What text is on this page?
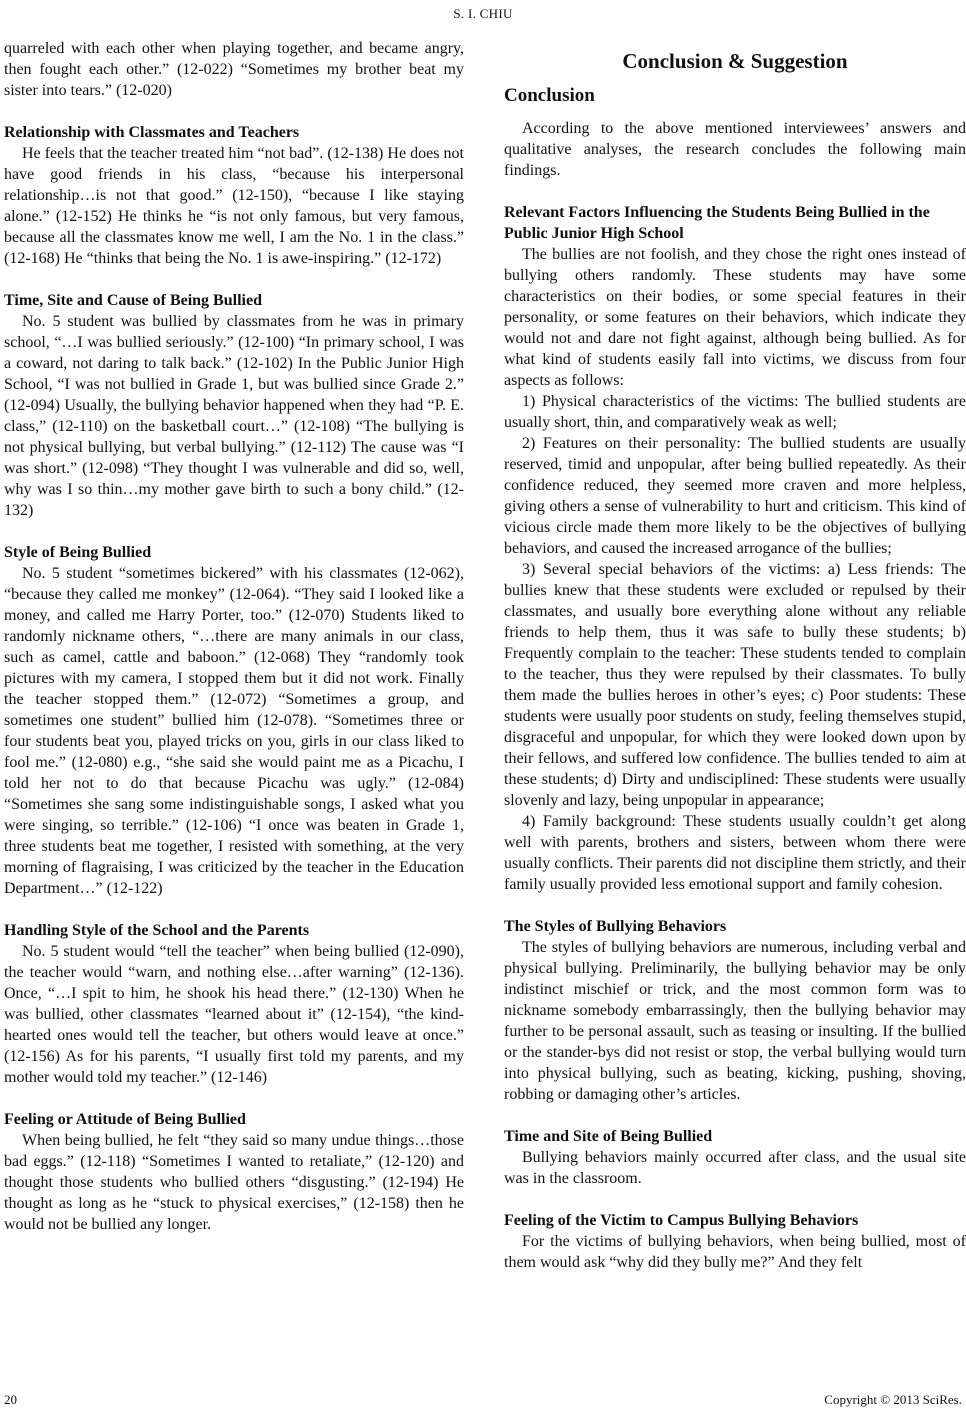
S. I. CHIU

quarreled with each other when playing together, and became angry, then fought each other.” (12-022) “Sometimes my brother beat my sister into tears.” (12-020)

Relationship with Classmates and Teachers

He feels that the teacher treated him “not bad”. (12-138) He does not have good friends in his class, “because his interpersonal relationship…is not that good.” (12-150), “because I like staying alone.” (12-152) He thinks he “is not only famous, but very famous, because all the classmates know me well, I am the No. 1 in the class.” (12-168) He “thinks that being the No. 1 is awe-inspiring.” (12-172)

Time, Site and Cause of Being Bullied

No. 5 student was bullied by classmates from he was in primary school, “…I was bullied seriously.” (12-100) “In primary school, I was a coward, not daring to talk back.” (12-102) In the Public Junior High School, “I was not bullied in Grade 1, but was bullied since Grade 2.” (12-094) Usually, the bullying behavior happened when they had “P. E. class,” (12-110) on the basketball court…” (12-108) “The bullying is not physical bullying, but verbal bullying.” (12-112) The cause was “I was short.” (12-098) “They thought I was vulnerable and did so, well, why was I so thin…my mother gave birth to such a bony child.” (12-132)

Style of Being Bullied

No. 5 student “sometimes bickered” with his classmates (12-062), “because they called me monkey” (12-064). “They said I looked like a money, and called me Harry Porter, too.” (12-070) Students liked to randomly nickname others, “…there are many animals in our class, such as camel, cattle and baboon.” (12-068) They “randomly took pictures with my camera, I stopped them but it did not work. Finally the teacher stopped them.” (12-072) “Sometimes a group, and sometimes one student” bullied him (12-078). “Sometimes three or four students beat you, played tricks on you, girls in our class liked to fool me.” (12-080) e.g., “she said she would paint me as a Picachu, I told her not to do that because Picachu was ugly.” (12-084) “Sometimes she sang some indistinguishable songs, I asked what you were singing, so terrible.” (12-106) “I once was beaten in Grade 1, three students beat me together, I resisted with something, at the very morning of flagraising, I was criticized by the teacher in the Education Department…” (12-122)

Handling Style of the School and the Parents

No. 5 student would “tell the teacher” when being bullied (12-090), the teacher would “warn, and nothing else…after warning” (12-136). Once, “…I spit to him, he shook his head there.” (12-130) When he was bullied, other classmates “learned about it” (12-154), “the kind-hearted ones would tell the teacher, but others would leave at once.” (12-156) As for his parents, “I usually first told my parents, and my mother would told my teacher.” (12-146)

Feeling or Attitude of Being Bullied

When being bullied, he felt “they said so many undue things…those bad eggs.” (12-118) “Sometimes I wanted to retaliate,” (12-120) and thought those students who bullied others “disgusting.” (12-194) He thought as long as he “stuck to physical exercises,” (12-158) then he would not be bullied any longer.

Conclusion & Suggestion
Conclusion

According to the above mentioned interviewees’ answers and qualitative analyses, the research concludes the following main findings.

Relevant Factors Influencing the Students Being Bullied in the Public Junior High School

The bullies are not foolish, and they chose the right ones instead of bullying others randomly. These students may have some characteristics on their bodies, or some special features in their personality, or some features on their behaviors, which indicate they would not and dare not fight against, although being bullied. As for what kind of students easily fall into victims, we discuss from four aspects as follows:

1) Physical characteristics of the victims: The bullied students are usually short, thin, and comparatively weak as well;

2) Features on their personality: The bullied students are usually reserved, timid and unpopular, after being bullied repeatedly. As their confidence reduced, they seemed more craven and more helpless, giving others a sense of vulnerability to hurt and criticism. This kind of vicious circle made them more likely to be the objectives of bullying behaviors, and caused the increased arrogance of the bullies;

3) Several special behaviors of the victims: a) Less friends: The bullies knew that these students were excluded or repulsed by their classmates, and usually bore everything alone without any reliable friends to help them, thus it was safe to bully these students; b) Frequently complain to the teacher: These students tended to complain to the teacher, thus they were repulsed by their classmates. To bully them made the bullies heroes in other’s eyes; c) Poor students: These students were usually poor students on study, feeling themselves stupid, disgraceful and unpopular, for which they were looked down upon by their fellows, and suffered low confidence. The bullies tended to aim at these students; d) Dirty and undisciplined: These students were usually slovenly and lazy, being unpopular in appearance;

4) Family background: These students usually couldn’t get along well with parents, brothers and sisters, between whom there were usually conflicts. Their parents did not discipline them strictly, and their family usually provided less emotional support and family cohesion.

The Styles of Bullying Behaviors

The styles of bullying behaviors are numerous, including verbal and physical bullying. Preliminarily, the bullying behavior may be only indistinct mischief or trick, and the most common form was to nickname somebody embarrassingly, then the bullying behavior may further to be personal assault, such as teasing or insulting. If the bullied or the stander-bys did not resist or stop, the verbal bullying would turn into physical bullying, such as beating, kicking, pushing, shoving, robbing or damaging other’s articles.

Time and Site of Being Bullied

Bullying behaviors mainly occurred after class, and the usual site was in the classroom.

Feeling of the Victim to Campus Bullying Behaviors

For the victims of bullying behaviors, when being bullied, most of them would ask “why did they bully me?” And they felt

20	Copyright © 2013 SciRes.
